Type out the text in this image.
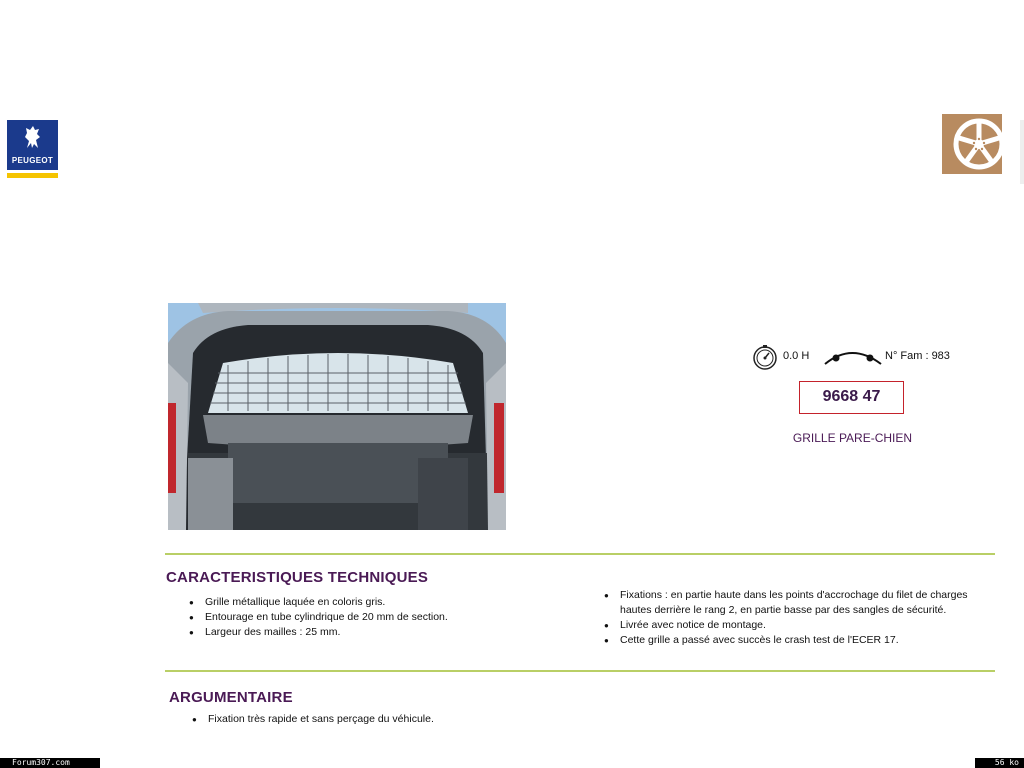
PEUGEOT
0.0 H	N° Fam : 983
9668 47
GRILLE PARE-CHIEN
CARACTERISTIQUES TECHNIQUES
● Grille métallique laquée en coloris gris.
● Entourage en tube cylindrique de 20 mm de section.
● Largeur des mailles : 25 mm.
● Fixations : en partie haute dans les points d'accrochage du filet de charges hautes derrière le rang 2, en partie basse par des sangles de sécurité.
● Livrée avec notice de montage.
● Cette grille a passé avec succès le crash test de l'ECER 17.
ARGUMENTAIRE
● Fixation très rapide et sans perçage du véhicule.
Forum307.com	56 ko
